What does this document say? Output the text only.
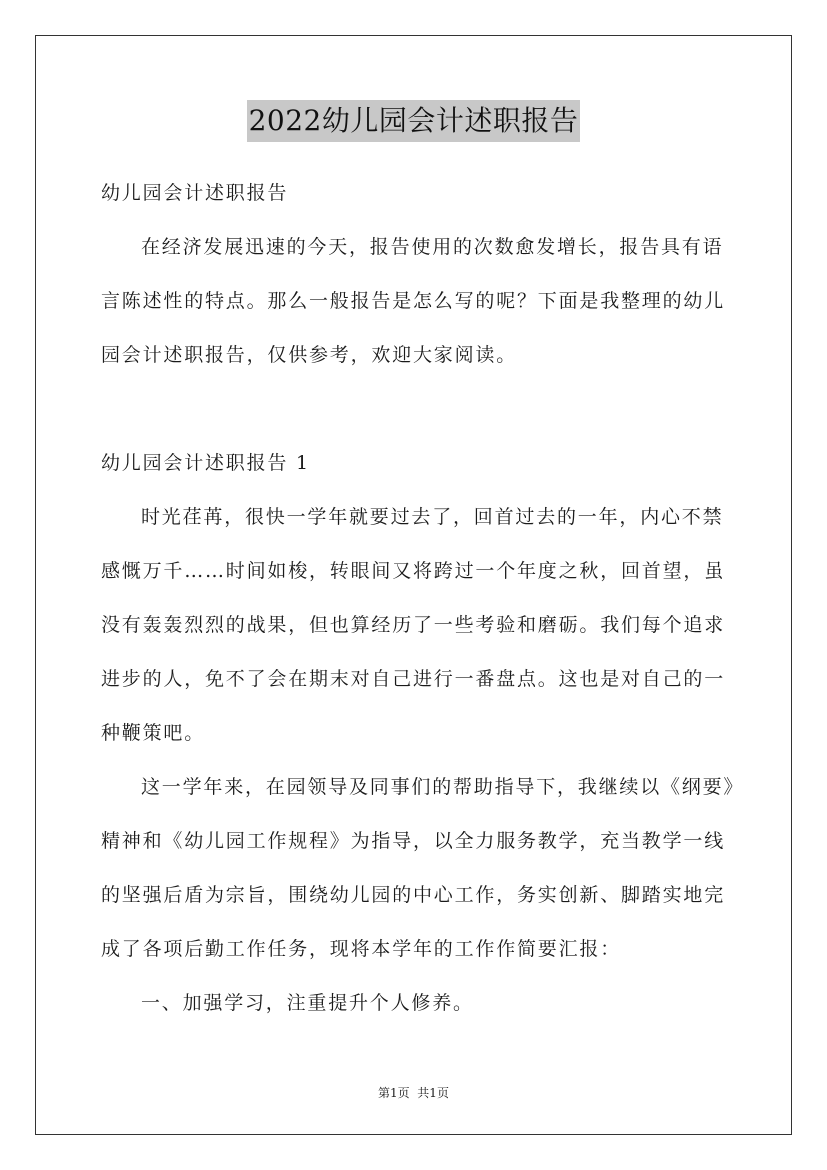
2022幼儿园会计述职报告
幼儿园会计述职报告
在经济发展迅速的今天，报告使用的次数愈发增长，报告具有语
言陈述性的特点。那么一般报告是怎么写的呢？下面是我整理的幼儿
园会计述职报告，仅供参考，欢迎大家阅读。
幼儿园会计述职报告 1
时光荏苒，很快一学年就要过去了，回首过去的一年，内心不禁
感慨万千……时间如梭，转眼间又将跨过一个年度之秋，回首望，虽
没有轰轰烈烈的战果，但也算经历了一些考验和磨砺。我们每个追求
进步的人，免不了会在期末对自己进行一番盘点。这也是对自己的一
种鞭策吧。
这一学年来，在园领导及同事们的帮助指导下，我继续以《纲要》
精神和《幼儿园工作规程》为指导，以全力服务教学，充当教学一线
的坚强后盾为宗旨，围绕幼儿园的中心工作，务实创新、脚踏实地完
成了各项后勤工作任务，现将本学年的工作作简要汇报：
一、加强学习，注重提升个人修养。
第1页  共1页
